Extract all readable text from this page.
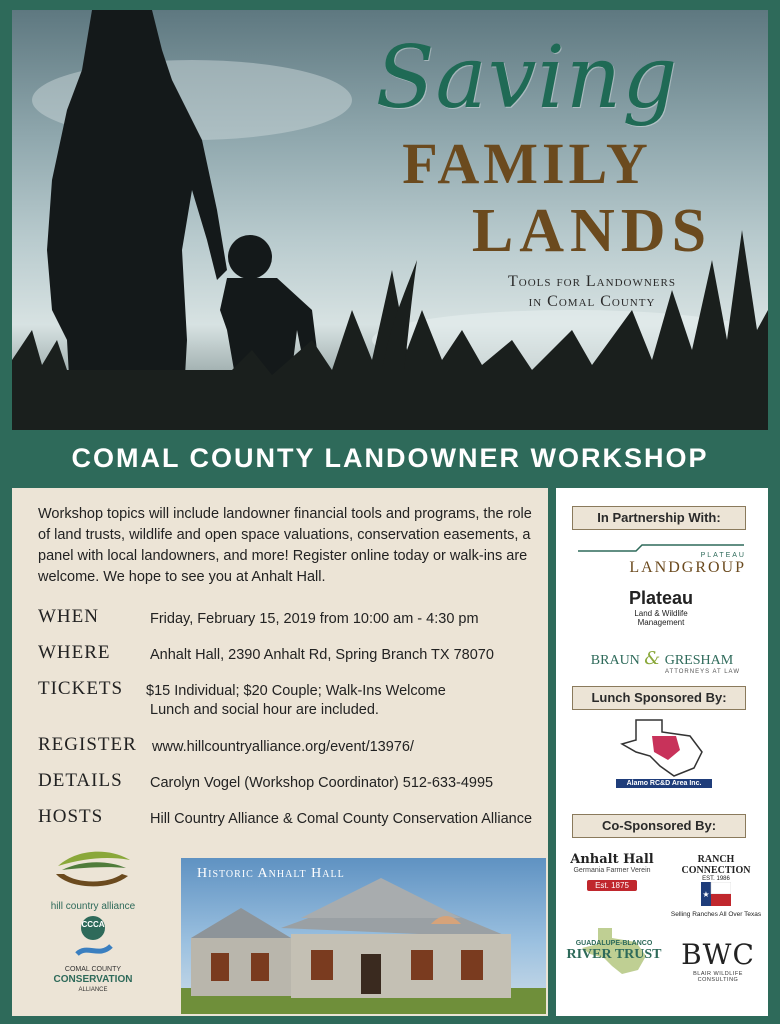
Saving
FAMILY
LANDS
Tools for Landowners
in Comal County
COMAL COUNTY LANDOWNER WORKSHOP
Workshop topics will include landowner financial tools and programs, the role of land trusts, wildlife and open space valuations, conservation easements, a panel with local landowners, and more! Register online today or walk-ins are welcome. We hope to see you at Anhalt Hall.
WHEN	Friday, February 15, 2019 from 10:00 am - 4:30 pm
WHERE	Anhalt Hall, 2390 Anhalt Rd, Spring Branch TX 78070
TICKETS $15 Individual; $20 Couple; Walk-Ins Welcome
Lunch and social hour are included.
REGISTER www.hillcountryalliance.org/event/13976/
DETAILS Carolyn Vogel (Workshop Coordinator) 512-633-4995
HOSTS	Hill Country Alliance & Comal County Conservation Alliance
hill country alliance
CCCA
COMAL COUNTY
CONSERVATION
ALLIANCE
Historic Anhalt Hall
In Partnership With:
PLATEAU
LANDGROUP
Plateau
Land & Wildlife
Management
BRAUN & GRESHAM
ATTORNEYS AT LAW
Lunch Sponsored By:
Alamo RC&D Area Inc.
Co-Sponsored By:
Anhalt Hall
Germania Farmer Verein
Est. 1875
RANCH CONNECTION
EST. 1986
★
Selling Ranches All Over Texas
GUADALUPE-BLANCO
RIVER TRUST BWC
BLAIR WILDLIFE CONSULTING
